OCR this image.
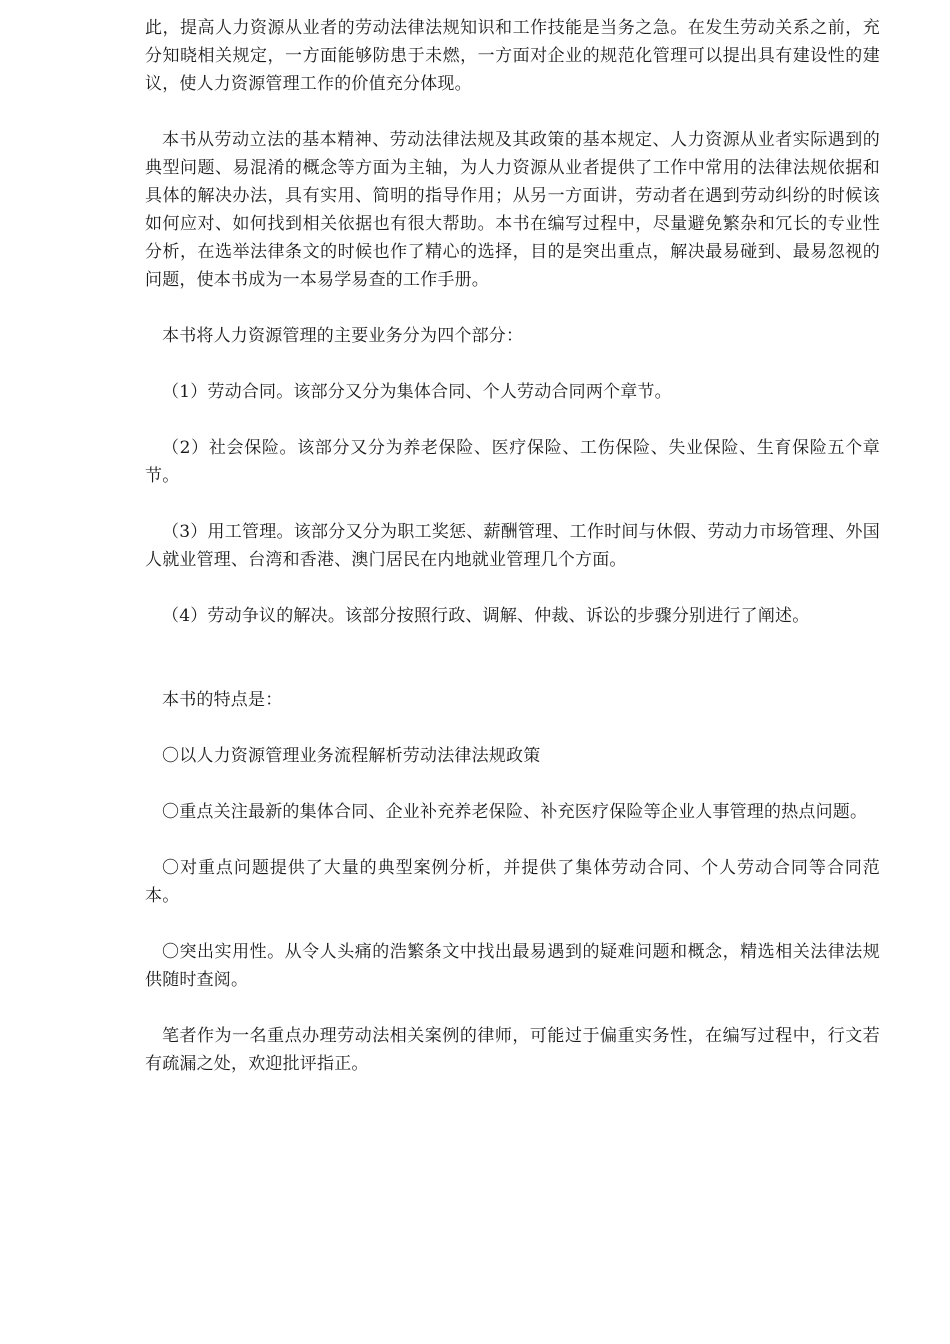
此，提高人力资源从业者的劳动法律法规知识和工作技能是当务之急。在发生劳动关系之前，充分知晓相关规定，一方面能够防患于未燃，一方面对企业的规范化管理可以提出具有建设性的建议，使人力资源管理工作的价值充分体现。

本书从劳动立法的基本精神、劳动法律法规及其政策的基本规定、人力资源从业者实际遇到的典型问题、易混淆的概念等方面为主轴，为人力资源从业者提供了工作中常用的法律法规依据和具体的解决办法，具有实用、简明的指导作用；从另一方面讲，劳动者在遇到劳动纠纷的时候该如何应对、如何找到相关依据也有很大帮助。本书在编写过程中，尽量避免繁杂和冗长的专业性分析，在选举法律条文的时候也作了精心的选择，目的是突出重点，解决最易碰到、最易忽视的问题，使本书成为一本易学易查的工作手册。

本书将人力资源管理的主要业务分为四个部分：

（1）劳动合同。该部分又分为集体合同、个人劳动合同两个章节。

（2）社会保险。该部分又分为养老保险、医疗保险、工伤保险、失业保险、生育保险五个章节。

（3）用工管理。该部分又分为职工奖惩、薪酬管理、工作时间与休假、劳动力市场管理、外国人就业管理、台湾和香港、澳门居民在内地就业管理几个方面。

（4）劳动争议的解决。该部分按照行政、调解、仲裁、诉讼的步骤分别进行了阐述。

本书的特点是：

〇以人力资源管理业务流程解析劳动法律法规政策

〇重点关注最新的集体合同、企业补充养老保险、补充医疗保险等企业人事管理的热点问题。

〇对重点问题提供了大量的典型案例分析，并提供了集体劳动合同、个人劳动合同等合同范本。

〇突出实用性。从令人头痛的浩繁条文中找出最易遇到的疑难问题和概念，精选相关法律法规供随时查阅。

笔者作为一名重点办理劳动法相关案例的律师，可能过于偏重实务性，在编写过程中，行文若有疏漏之处，欢迎批评指正。
